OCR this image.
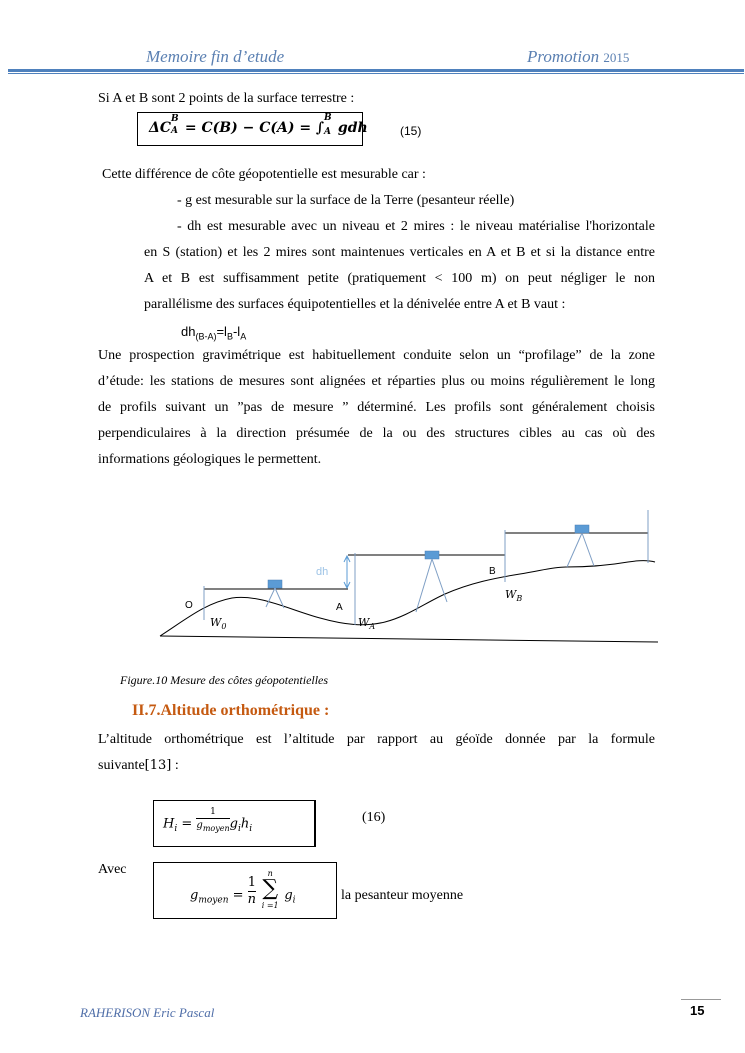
Memoire fin d’etude	Promotion 2015
Si A et B sont 2 points de la surface terrestre :
ΔC
B
A = C(B) − C(A) = ∫
B
A gdh	(15)
Cette différence de côte géopotentielle est mesurable car :
- g est mesurable sur la surface de la Terre (pesanteur réelle)
- dh est mesurable avec un niveau et 2 mires : le niveau matérialise l'horizontale
en S (station) et les 2 mires sont maintenues verticales en A et B et si la distance entre
A et B est suffisamment petite (pratiquement < 100 m) on peut négliger le non
parallélisme des surfaces équipotentielles et la dénivelée entre A et B vaut :
$dh_{(B-A)}=l_B-l_A$
Une prospection gravimétrique est habituellement conduite selon un “profilage” de la zone
d’étude: les stations de mesures sont alignées et réparties plus ou moins régulièrement le long
de profils suivant un ”pas de mesure ” déterminé. Les profils sont généralement choisis
perpendiculaires à la direction présumée de la ou des structures cibles au cas où des
informations géologiques le permettent.
dh
O	A
B
$W_0$	$W_A$
$W_B$
Figure.10 Mesure des côtes géopotentielles
II.7.Altitude orthométrique :
L’altitude orthométrique est l’altitude par rapport au géoïde donnée par la formule
suivante[13] :
$H_i$ =
1
$g_{moyen}$ $g_ih_i$
(16)
Avec
$g_{moyen} = \frac{1}{n}$

n
∑
i =1
$g_i$	la pesanteur moyenne
RAHERISON Eric Pascal	15
